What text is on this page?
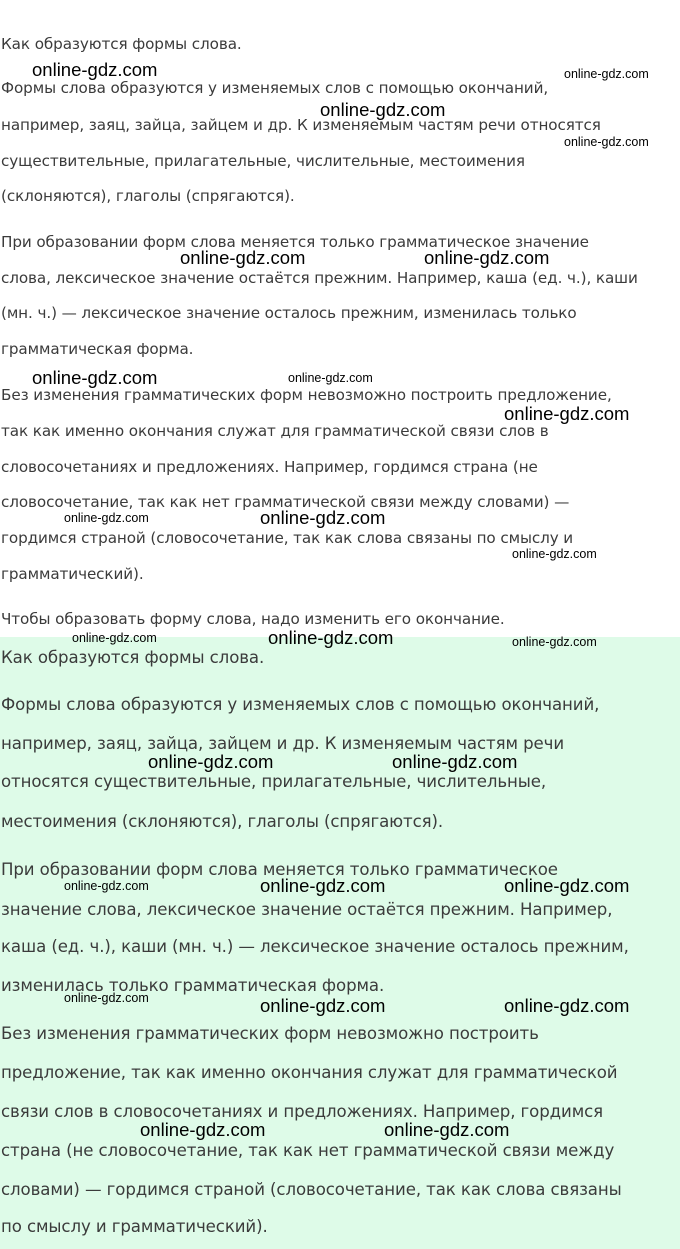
Как образуются формы слова.
Формы слова образуются у изменяемых слов с помощью окончаний,
например, заяц, зайца, зайцем и др. К изменяемым частям речи относятся
существительные, прилагательные, числительные, местоимения
(склоняются), глаголы (спрягаются).
При образовании форм слова меняется только грамматическое значение
слова, лексическое значение остаётся прежним. Например, каша (ед. ч.), каши
(мн. ч.) — лексическое значение осталось прежним, изменилась только
грамматическая форма.
Без изменения грамматических форм невозможно построить предложение,
так как именно окончания служат для грамматической связи слов в
словосочетаниях и предложениях. Например, гордимся страна (не
словосочетание, так как нет грамматической связи между словами) —
гордимся страной (словосочетание, так как слова связаны по смыслу и
грамматический).
Чтобы образовать форму слова, надо изменить его окончание.
Как образуются формы слова.
Формы слова образуются у изменяемых слов с помощью окончаний,
например, заяц, зайца, зайцем и др. К изменяемым частям речи
относятся существительные, прилагательные, числительные,
местоимения (склоняются), глаголы (спрягаются).
При образовании форм слова меняется только грамматическое
значение слова, лексическое значение остаётся прежним. Например,
каша (ед. ч.), каши (мн. ч.) — лексическое значение осталось прежним,
изменилась только грамматическая форма.
Без изменения грамматических форм невозможно построить
предложение, так как именно окончания служат для грамматической
связи слов в словосочетаниях и предложениях. Например, гордимся
страна (не словосочетание, так как нет грамматической связи между
словами) — гордимся страной (словосочетание, так как слова связаны
по смыслу и грамматический).
online-gdz.com	online-gdz.com
online-gdz.com
online-gdz.com
online-gdz.com	online-gdz.com
online-gdz.com	online-gdz.com
online-gdz.com
online-gdz.com	online-gdz.com
online-gdz.com
online-gdz.com	online-gdz.com	online-gdz.com
online-gdz.com	online-gdz.com
online-gdz.com	online-gdz.com	online-gdz.com
online-gdz.com	online-gdz.com	online-gdz.com
online-gdz.com	online-gdz.com
